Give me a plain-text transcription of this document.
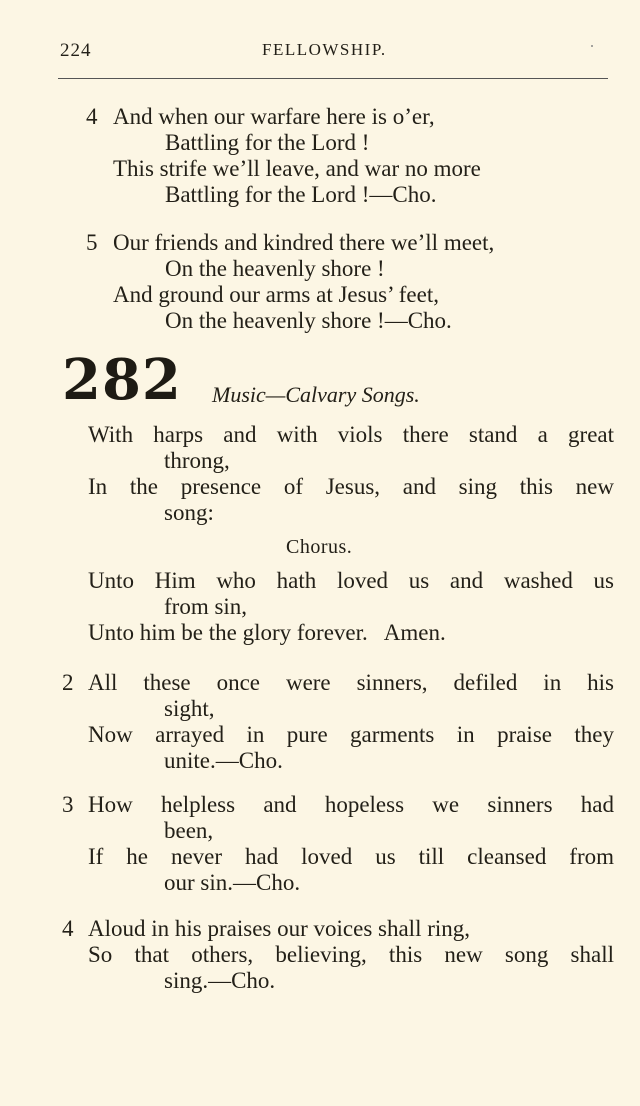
224	FELLOWSHIP.
4 And when our warfare here is o’er,
Battling for the Lord !
This strife we’ll leave, and war no more
Battling for the Lord !—Cho.
5 Our friends and kindred there we’ll meet,
On the heavenly shore !
And ground our arms at Jesus’ feet,
On the heavenly shore !—Cho.
282 Music—Calvary Songs.
With harps and with viols there stand a great
throng,
In the presence of Jesus, and sing this new
song:
Chorus.
Unto Him who hath loved us and washed us
from sin,
Unto him be the glory forever.   Amen.
2 All these once were sinners, defiled in his
sight,
Now arrayed in pure garments in praise they
unite.—Cho.
3 How helpless and hopeless we sinners had
been,
If he never had loved us till cleansed from
our sin.—Cho.
4 Aloud in his praises our voices shall ring,
So that others, believing, this new song shall
sing.—Cho.
